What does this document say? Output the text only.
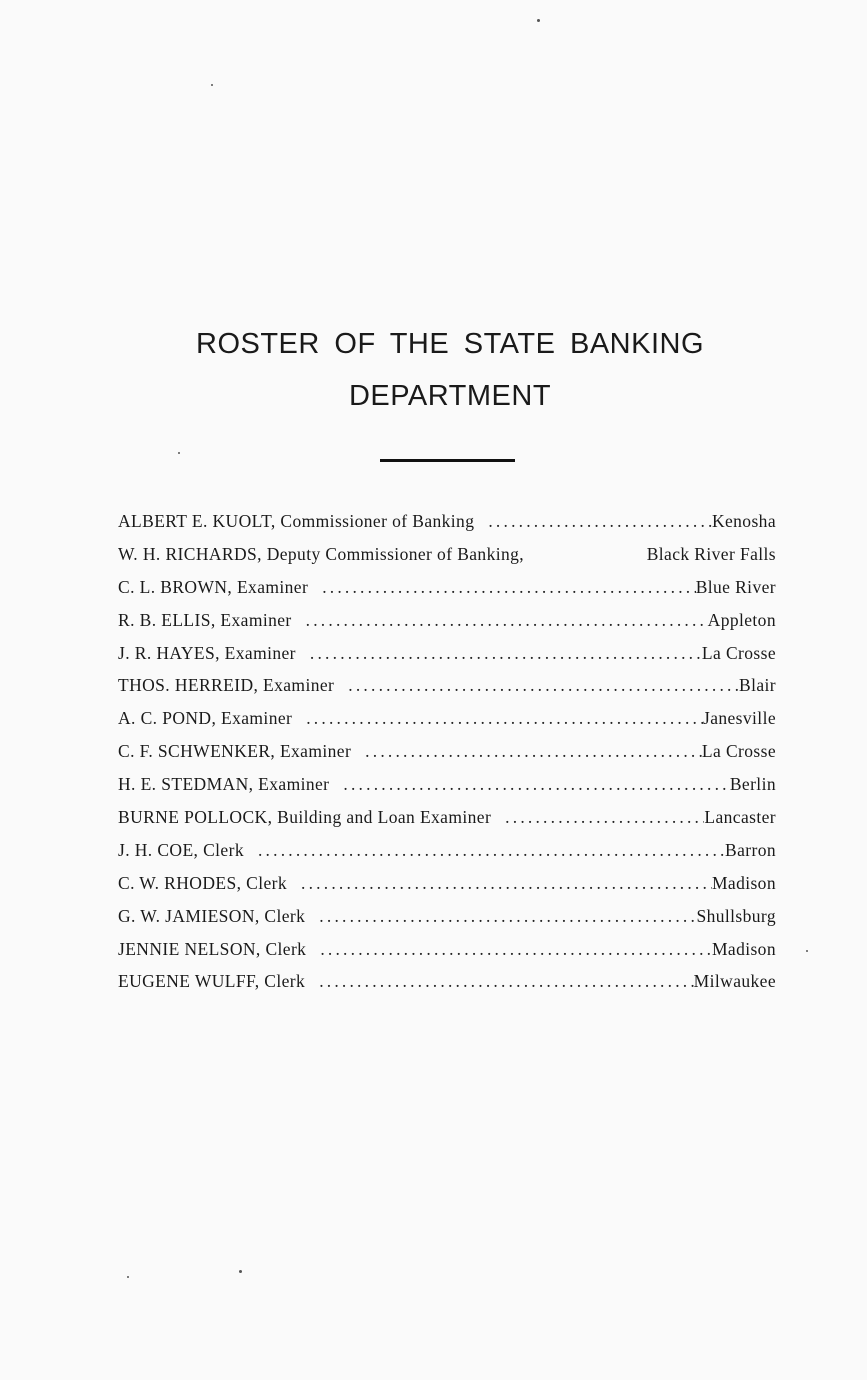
ROSTER OF THE STATE BANKING
DEPARTMENT
ALBERT E. KUOLT, Commissioner of Banking .....	Kenosha
W. H. RICHARDS, Deputy Commissioner of Banking,	Black River Falls
C. L. BROWN, Examiner .....	Blue River
R. B. ELLIS, Examiner .....	Appleton
J. R. HAYES, Examiner .....	La Crosse
THOS. HERREID, Examiner .....	Blair
A. C. POND, Examiner .....	Janesville
C. F. SCHWENKER, Examiner .....	La Crosse
H. E. STEDMAN, Examiner .....	Berlin
BURNE POLLOCK, Building and Loan Examiner .....	Lancaster
J. H. COE, Clerk .....	Barron
C. W. RHODES, Clerk .....	Madison
G. W. JAMIESON, Clerk .....	Shullsburg
JENNIE NELSON, Clerk .....	Madison
EUGENE WULFF, Clerk .....	Milwaukee
